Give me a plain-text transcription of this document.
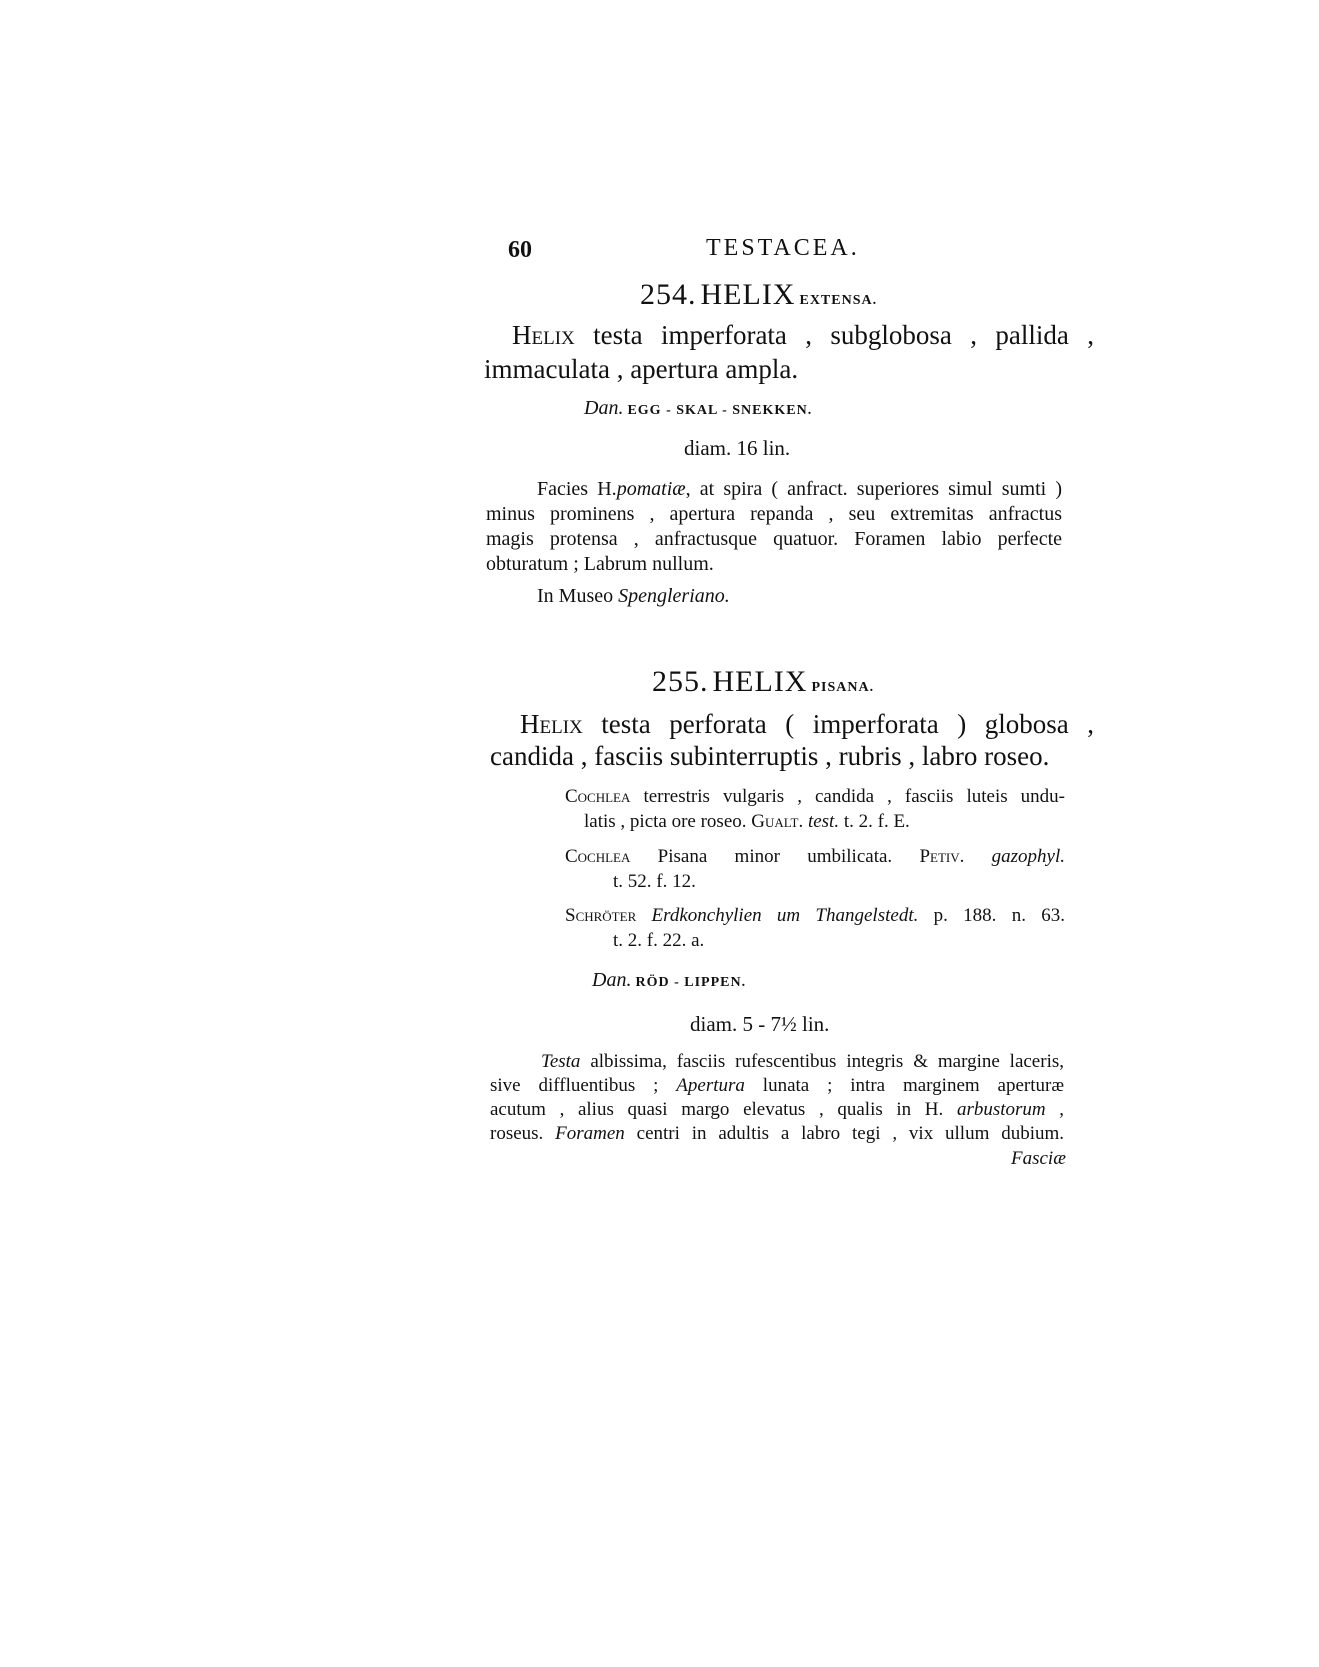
60	TESTACEA.
254. HELIX EXTENSA.
Helix testa imperforata , subglobosa , pallida ,
immaculata , apertura ampla.
Dan. EGG - SKAL - SNEKKEN.
diam. 16 lin.
Facies H.pomatiæ, at spira ( anfract. superiores simul sumti )
minus prominens , apertura repanda , seu extremitas anfractus
magis protensa , anfractusque quatuor. Foramen labio perfecte
obturatum ; Labrum nullum.
In Museo Spengleriano.
255. HELIX PISANA.
Helix testa perforata ( imperforata ) globosa ,
candida , fasciis subinterruptis , rubris , labro roseo.
Cochlea terrestris vulgaris , candida , fasciis luteis undu-
latis , picta ore roseo. Gualt. test. t. 2. f. E.
Cochlea Pisana minor umbilicata. Petiv. gazophyl.
t. 52. f. 12.
Schröter Erdkonchylien um Thangelstedt. p. 188. n. 63.
t. 2. f. 22. a.
Dan. RÖD - LIPPEN.
diam. 5 - 7½ lin.
Testa albissima, fasciis rufescentibus integris & margine laceris,
sive diffluentibus ; Apertura lunata ; intra marginem aperturæ
acutum , alius quasi margo elevatus , qualis in H. arbustorum ,
roseus. Foramen centri in adultis a labro tegi , vix ullum dubium.
Fasciæ
